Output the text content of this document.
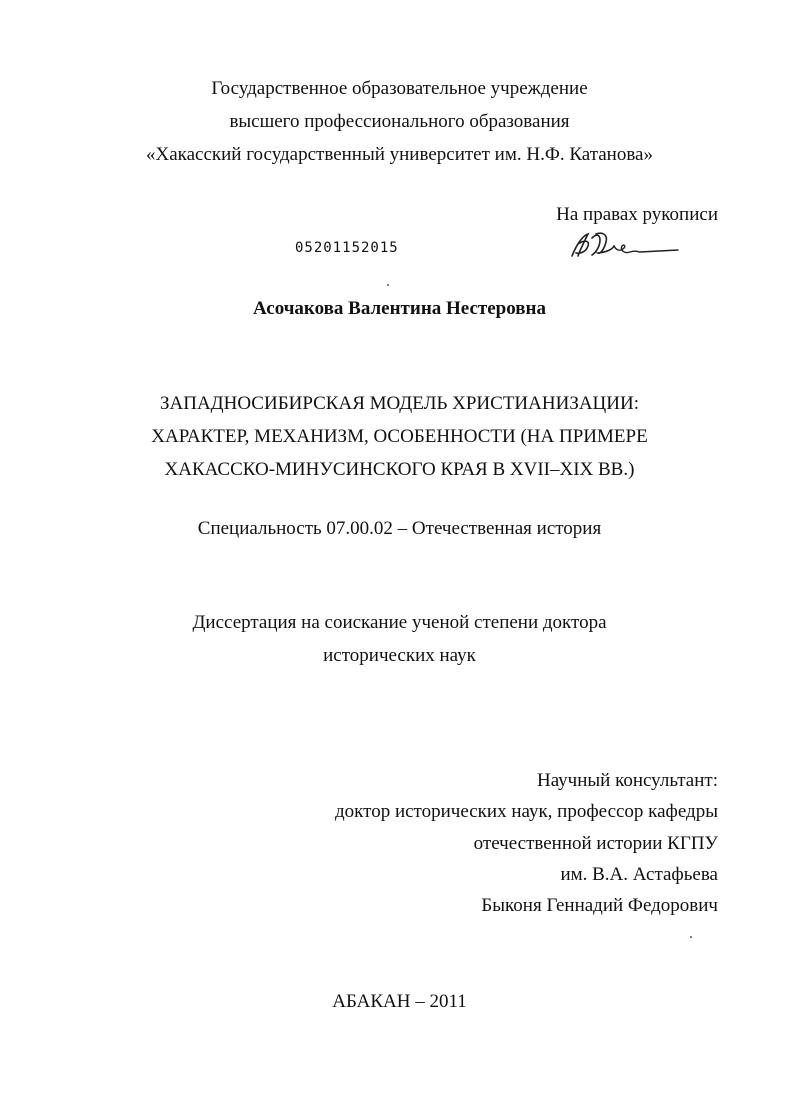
Государственное образовательное учреждение
высшего профессионального образования
«Хакасский государственный университет им. Н.Ф. Катанова»
На правах рукописи
05201152015
Асочакова Валентина Нестеровна
ЗАПАДНОСИБИРСКАЯ МОДЕЛЬ ХРИСТИАНИЗАЦИИ:
ХАРАКТЕР, МЕХАНИЗМ, ОСОБЕННОСТИ (НА ПРИМЕРЕ
ХАКАССКО-МИНУСИНСКОГО КРАЯ В XVII–XIX ВВ.)
Специальность 07.00.02 – Отечественная история
Диссертация на соискание ученой степени доктора
исторических наук
Научный консультант:
доктор исторических наук, профессор кафедры
отечественной истории КГПУ
им. В.А. Астафьева
Быконя Геннадий Федорович
АБАКАН – 2011
